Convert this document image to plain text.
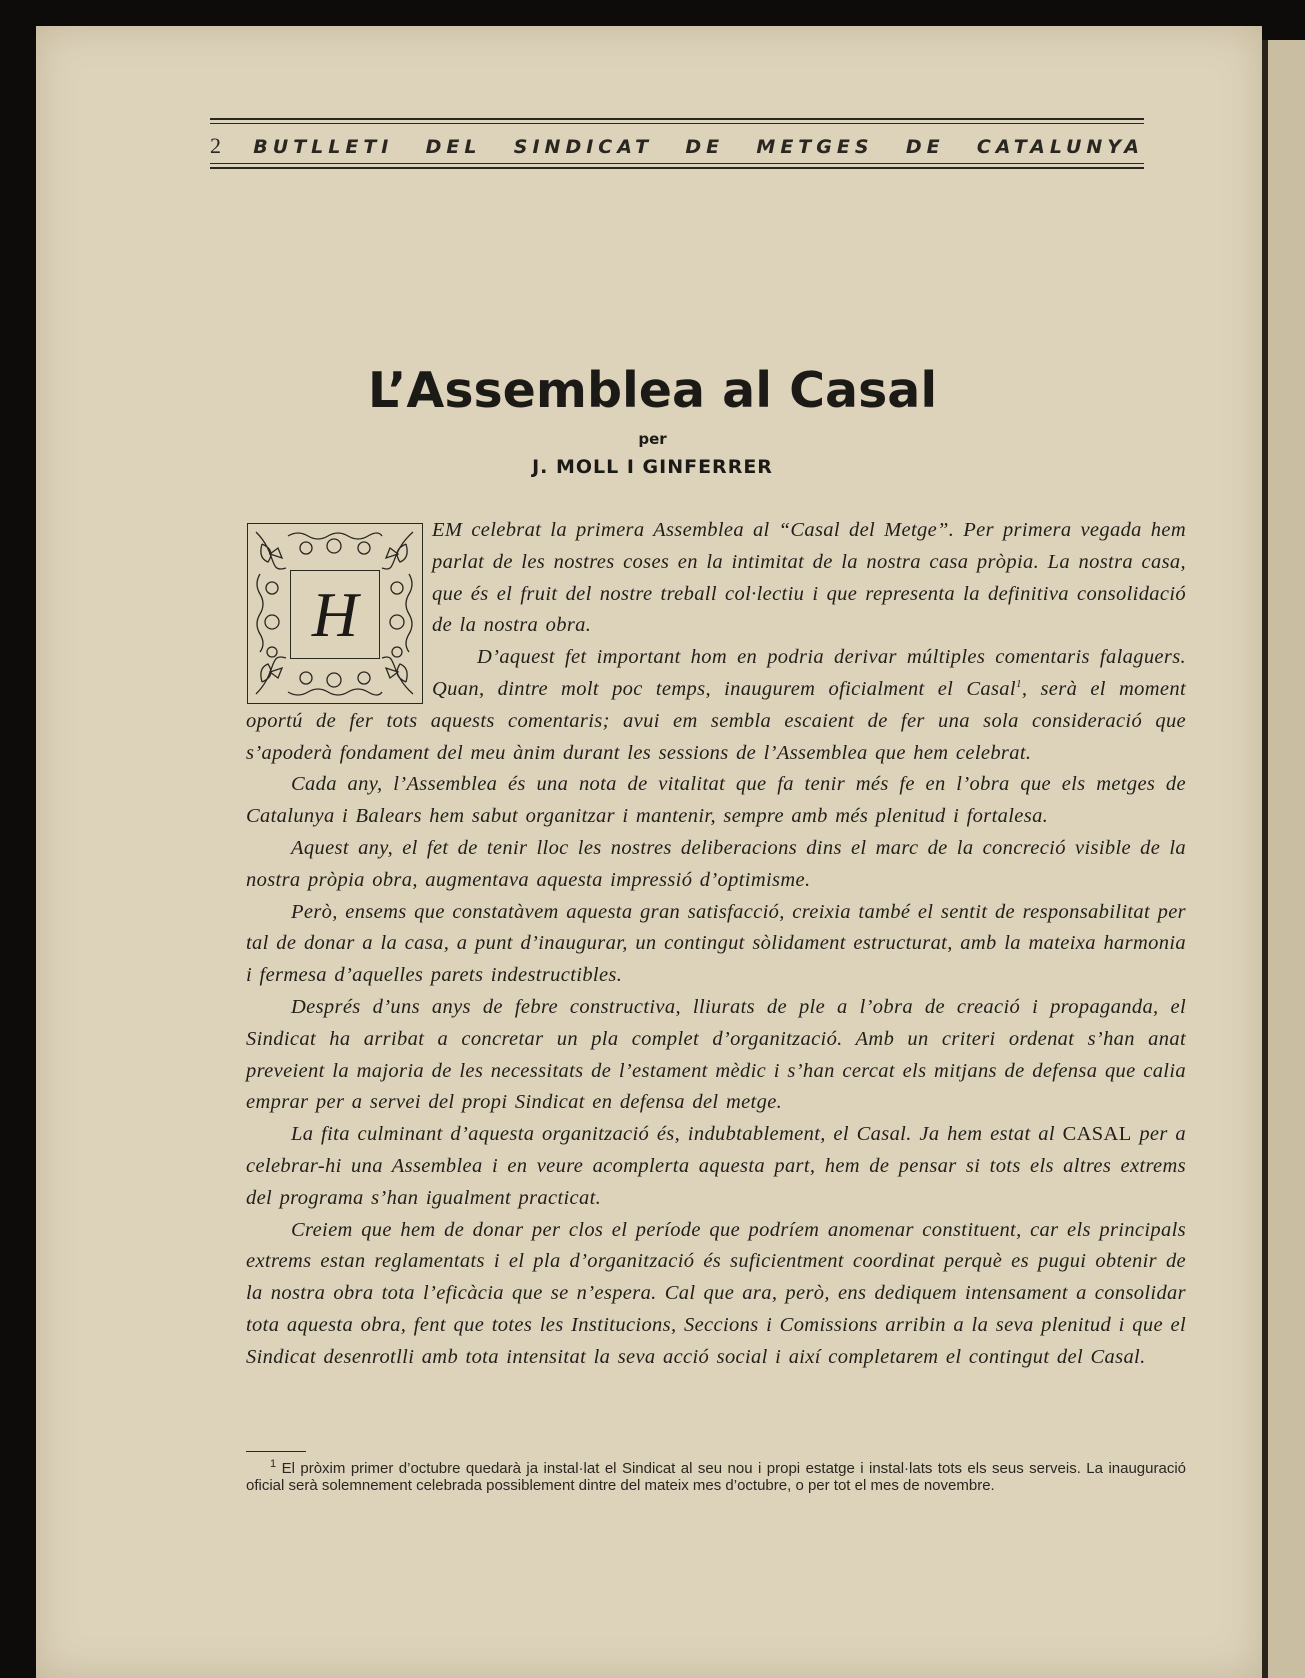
2 BUTLLETI DEL SINDICAT DE METGES DE CATALUNYA
L’Assemblea al Casal
per
J. MOLL I GINFERRER
H

EM celebrat la primera Assemblea al “Casal del Metge”. Per primera vegada hem parlat de les nostres coses en la intimitat de la nostra casa pròpia. La nostra casa, que és el fruit del nostre treball col·lectiu i que representa la definitiva consolidació de la nostra obra.

D’aquest fet important hom en podria derivar múltiples comentaris falaguers. Quan, dintre molt poc temps, inaugurem oficialment el Casal$^1$, serà el moment oportú de fer tots aquests comentaris; avui em sembla escaient de fer una sola consideració que s’apoderà fondament del meu ànim durant les sessions de l’Assemblea que hem celebrat.

Cada any, l’Assemblea és una nota de vitalitat que fa tenir més fe en l’obra que els metges de Catalunya i Balears hem sabut organitzar i mantenir, sempre amb més plenitud i fortalesa.

Aquest any, el fet de tenir lloc les nostres deliberacions dins el marc de la concreció visible de la nostra pròpia obra, augmentava aquesta impressió d’optimisme.

Però, ensems que constatàvem aquesta gran satisfacció, creixia també el sentit de responsabilitat per tal de donar a la casa, a punt d’inaugurar, un contingut sòlidament estructurat, amb la mateixa harmonia i fermesa d’aquelles parets indestructibles.

Després d’uns anys de febre constructiva, lliurats de ple a l’obra de creació i propaganda, el Sindicat ha arribat a concretar un pla complet d’organització. Amb un criteri ordenat s’han anat preveient la majoria de les necessitats de l’estament mèdic i s’han cercat els mitjans de defensa que calia emprar per a servei del propi Sindicat en defensa del metge.

La fita culminant d’aquesta organització és, indubtablement, el Casal. Ja hem estat al CASAL per a celebrar-hi una Assemblea i en veure acomplerta aquesta part, hem de pensar si tots els altres extrems del programa s’han igualment practicat.

Creiem que hem de donar per clos el període que podríem anomenar constituent, car els principals extrems estan reglamentats i el pla d’organització és suficientment coordinat perquè es pugui obtenir de la nostra obra tota l’eficàcia que se n’espera. Cal que ara, però, ens dediquem intensament a consolidar tota aquesta obra, fent que totes les Institucions, Seccions i Comissions arribin a la seva plenitud i que el Sindicat desenrotlli amb tota intensitat la seva acció social i així completarem el contingut del Casal.

$^1$ El pròxim primer d’octubre quedarà ja instal·lat el Sindicat al seu nou i propi estatge i instal·lats tots els seus serveis. La inauguració oficial serà solemnement celebrada possiblement dintre del mateix mes d’octubre, o per tot el mes de novembre.
